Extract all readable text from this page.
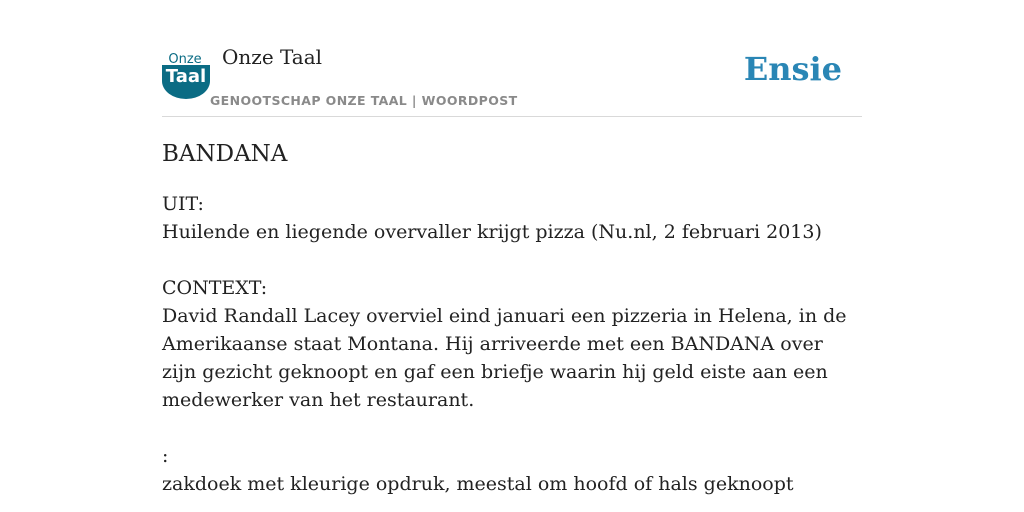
Onze
Taal
Onze Taal
GENOOTSCHAP ONZE TAAL | WOORDPOST
Ensie
BANDANA

UIT:

Huilende en liegende overvaller krijgt pizza (Nu.nl, 2 februari 2013)

CONTEXT:

David Randall Lacey overviel eind januari een pizzeria in Helena, in de Amerikaanse staat Montana. Hij arriveerde met een BANDANA over zijn gezicht geknoopt en gaf een briefje waarin hij geld eiste aan een medewerker van het restaurant.

:

zakdoek met kleurige opdruk, meestal om hoofd of hals geknoopt
